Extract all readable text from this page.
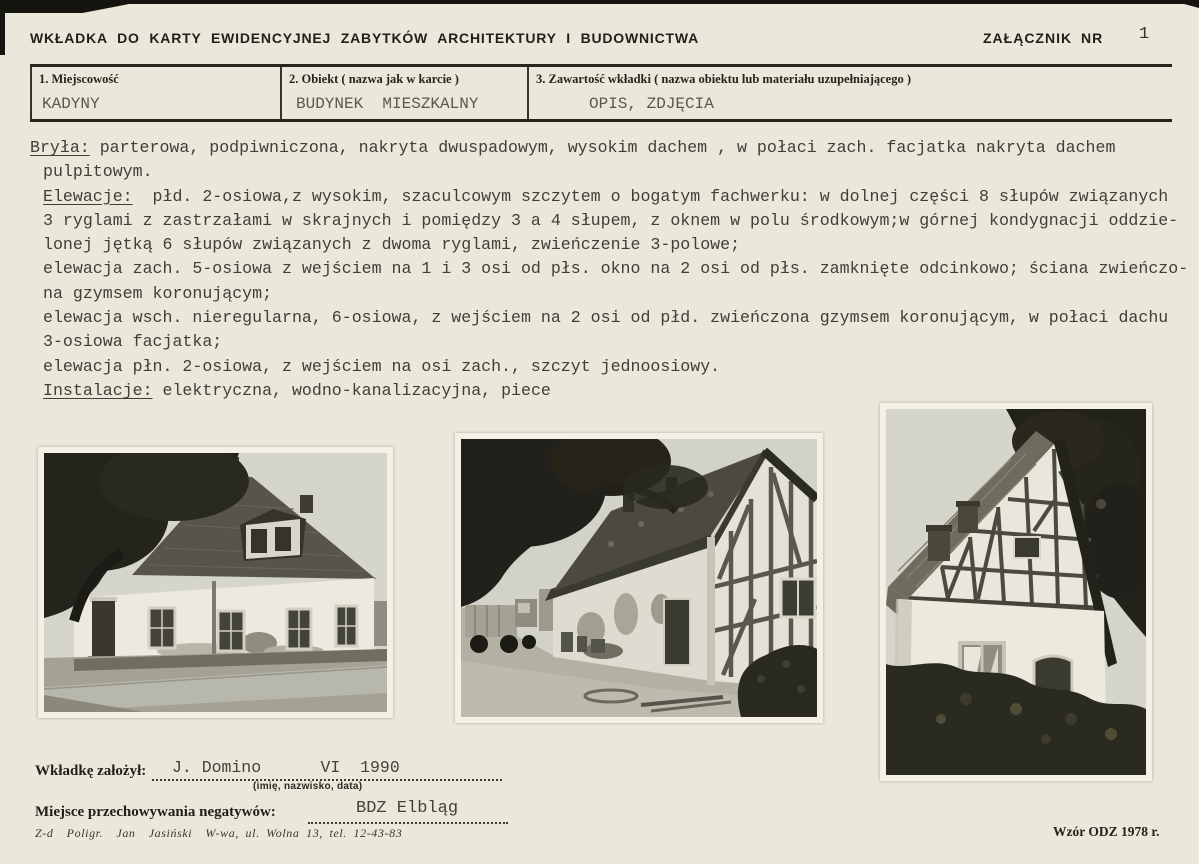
WKŁADKA DO KARTY EWIDENCYJNEJ ZABYTKÓW ARCHITEKTURY I BUDOWNICTWA	ZAŁĄCZNIK NR 1
1. Miejscowość
KADYNY
2. Obiekt ( nazwa jak w karcie )
BUDYNEK  MIESZKALNY
3. Zawartość wkładki ( nazwa obiektu lub materiału uzupełniającego )
OPIS, ZDJĘCIA
Bryła: parterowa, podpiwniczona, nakryta dwuspadowym, wysokim dachem , w połaci zach. facjatka nakryta dachem
pulpitowym.
Elewacje:  płd. 2-osiowa,z wysokim, szaculcowym szczytem o bogatym fachwerku: w dolnej części 8 słupów związanych
3 ryglami z zastrzałami w skrajnych i pomiędzy 3 a 4 słupem, z oknem w polu środkowym;w górnej kondygnacji oddzie-
lonej jętką 6 słupów związanych z dwoma ryglami, zwieńczenie 3-polowe;
elewacja zach. 5-osiowa z wejściem na 1 i 3 osi od płs. okno na 2 osi od płs. zamknięte odcinkowo; ściana zwieńczo-
na gzymsem koronującym;
elewacja wsch. nieregularna, 6-osiowa, z wejściem na 2 osi od płd. zwieńczona gzymsem koronującym, w połaci dachu
3-osiowa facjatka;
elewacja płn. 2-osiowa, z wejściem na osi zach., szczyt jednoosiowy.
Instalacje: elektryczna, wodno-kanalizacyjna, piece
Wkładkę założył: J. Domino      VI  1990
(imię, nazwisko, data)
Miejsce przechowywania negatywów:	BDZ Elbląg
Z-d  Poligr.  Jan  Jasiński  W-wa, ul. Wolna 13, tel. 12-43-83	Wzór ODZ 1978 r.
